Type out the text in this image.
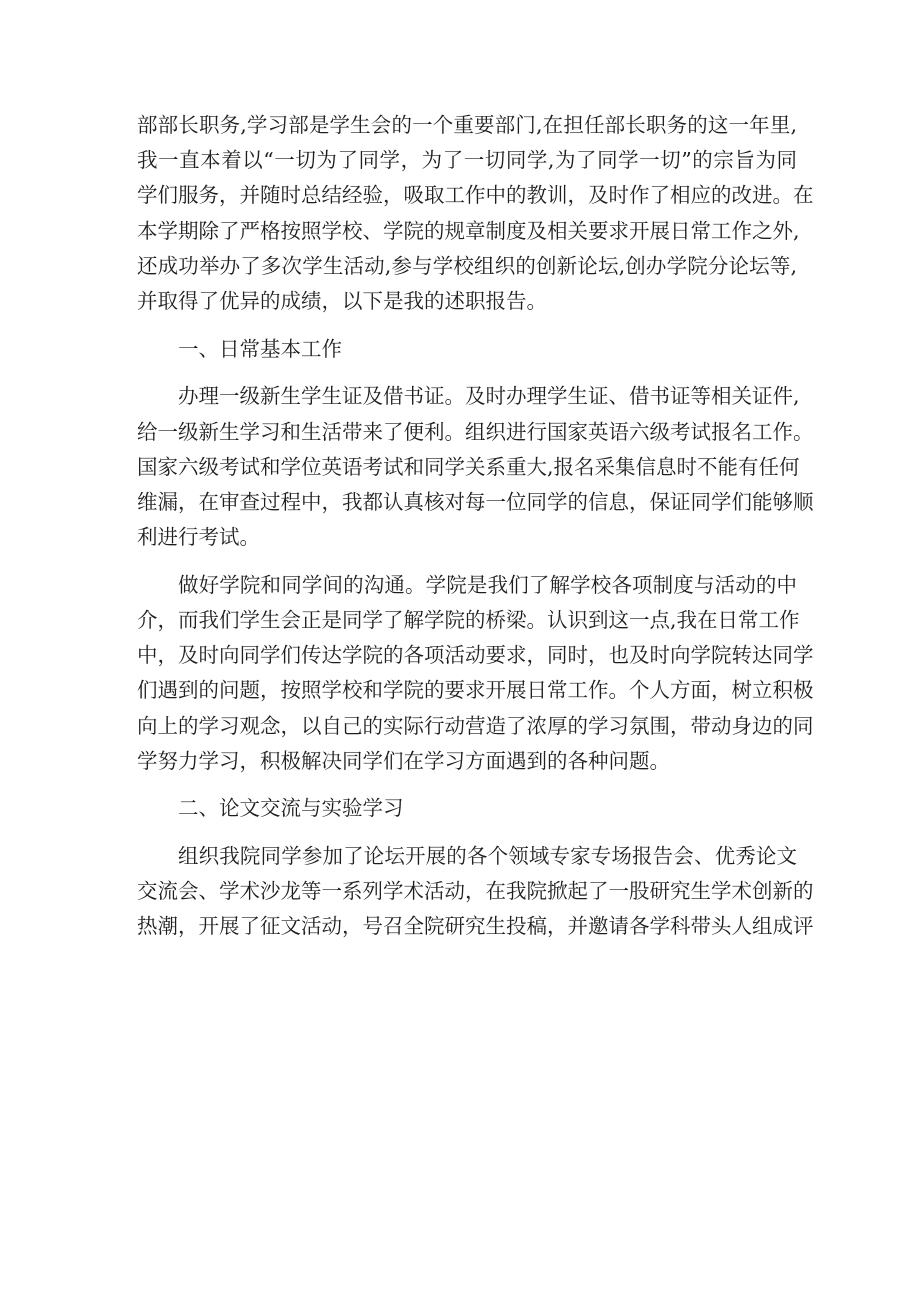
部部长职务,学习部是学生会的一个重要部门,在担任部长职务的这一年里,
我一直本着以“一切为了同学，为了一切同学,为了同学一切”的宗旨为同
学们服务，并随时总结经验，吸取工作中的教训，及时作了相应的改进。在
本学期除了严格按照学校、学院的规章制度及相关要求开展日常工作之外,
还成功举办了多次学生活动,参与学校组织的创新论坛,创办学院分论坛等,
并取得了优异的成绩，以下是我的述职报告。
一、日常基本工作
办理一级新生学生证及借书证。及时办理学生证、借书证等相关证件,
给一级新生学习和生活带来了便利。组织进行国家英语六级考试报名工作。
国家六级考试和学位英语考试和同学关系重大,报名采集信息时不能有任何
维漏，在审查过程中，我都认真核对每一位同学的信息，保证同学们能够顺
利进行考试。
做好学院和同学间的沟通。学院是我们了解学校各项制度与活动的中
介，而我们学生会正是同学了解学院的桥梁。认识到这一点,我在日常工作
中，及时向同学们传达学院的各项活动要求，同时，也及时向学院转达同学
们遇到的问题，按照学校和学院的要求开展日常工作。个人方面，树立积极
向上的学习观念，以自己的实际行动营造了浓厚的学习氛围，带动身边的同
学努力学习，积极解决同学们在学习方面遇到的各种问题。
二、论文交流与实验学习
组织我院同学参加了论坛开展的各个领域专家专场报告会、优秀论文
交流会、学术沙龙等一系列学术活动，在我院掀起了一股研究生学术创新的
热潮，开展了征文活动，号召全院研究生投稿，并邀请各学科带头人组成评
